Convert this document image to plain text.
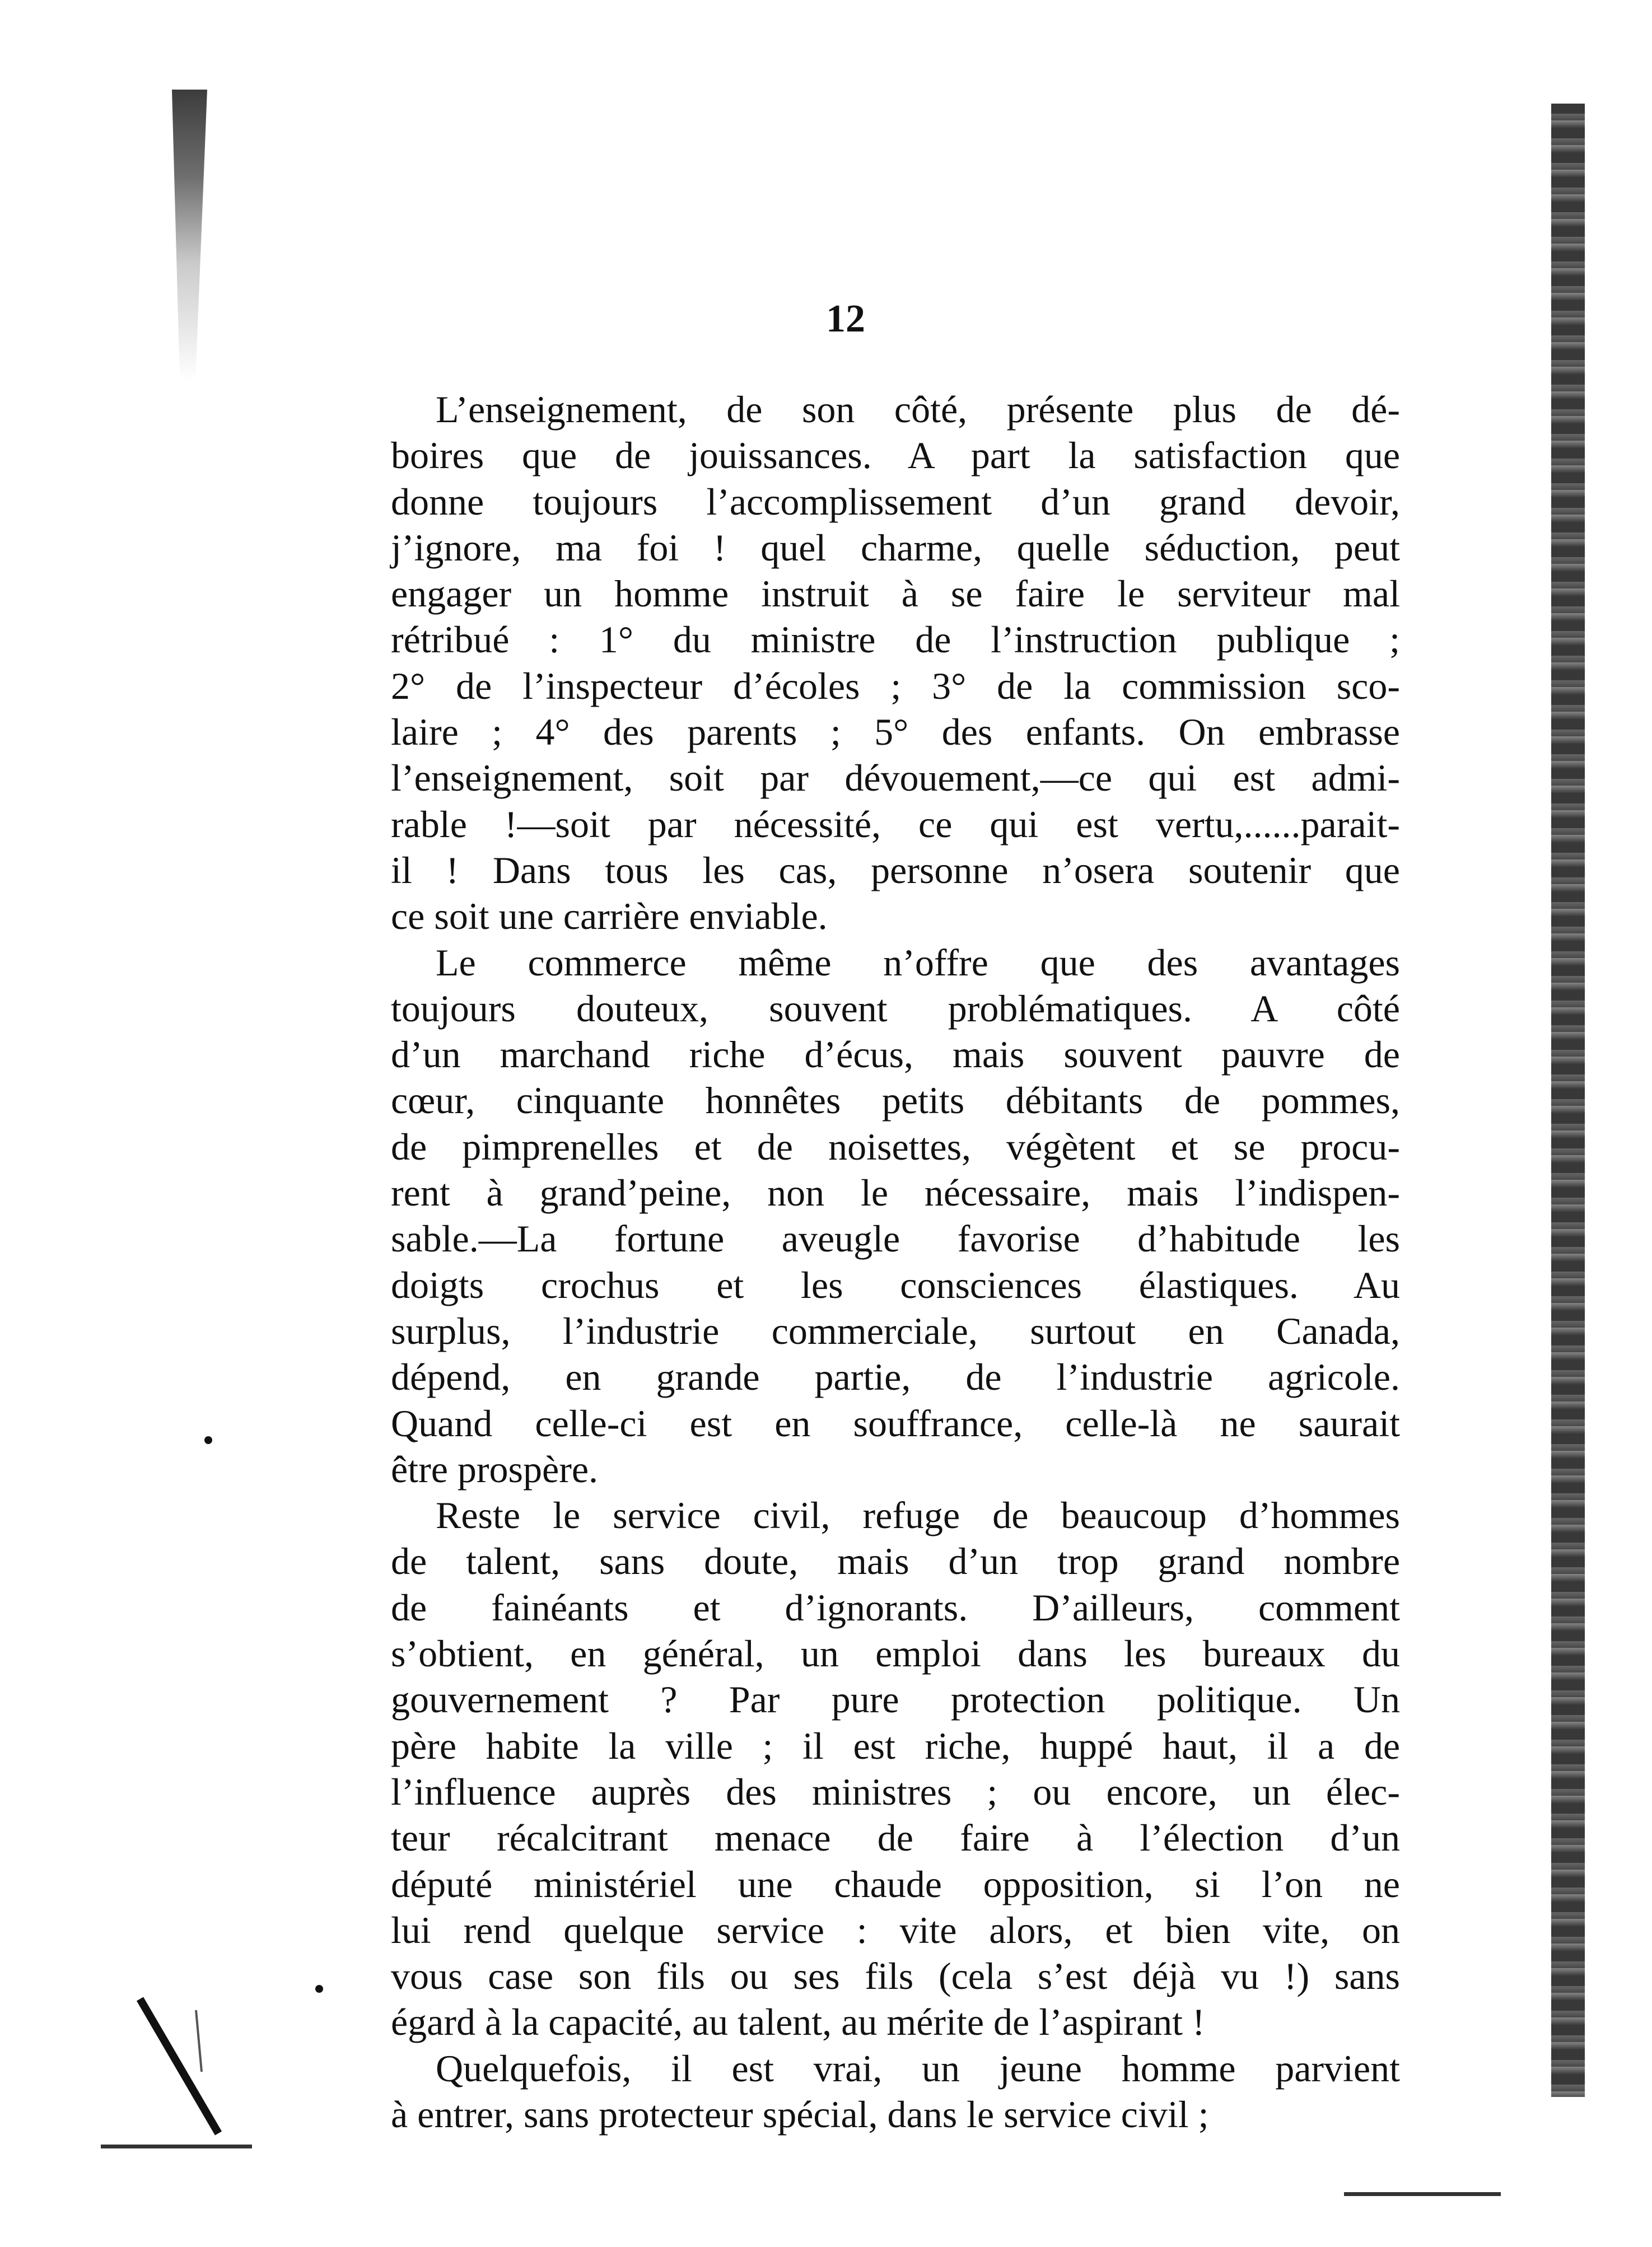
12

L’enseignement, de son côté, présente plus de dé-
boires que de jouissances. A part la satisfaction que
donne toujours l’accomplissement d’un grand devoir,
j’ignore, ma foi ! quel charme, quelle séduction, peut
engager un homme instruit à se faire le serviteur mal
rétribué : 1° du ministre de l’instruction publique ;
2° de l’inspecteur d’écoles ; 3° de la commission sco-
laire ; 4° des parents ; 5° des enfants. On embrasse
l’enseignement, soit par dévouement,—ce qui est admi-
rable !—soit par nécessité, ce qui est vertu,......parait-
il ! Dans tous les cas, personne n’osera soutenir que
ce soit une carrière enviable.

Le commerce même n’offre que des avantages
toujours douteux, souvent problématiques. A côté
d’un marchand riche d’écus, mais souvent pauvre de
cœur, cinquante honnêtes petits débitants de pommes,
de pimprenelles et de noisettes, végètent et se procu-
rent à grand’peine, non le nécessaire, mais l’indispen-
sable.—La fortune aveugle favorise d’habitude les
doigts crochus et les consciences élastiques. Au
surplus, l’industrie commerciale, surtout en Canada,
dépend, en grande partie, de l’industrie agricole.
Quand celle-ci est en souffrance, celle-là ne saurait
être prospère.

Reste le service civil, refuge de beaucoup d’hommes
de talent, sans doute, mais d’un trop grand nombre
de fainéants et d’ignorants. D’ailleurs, comment
s’obtient, en général, un emploi dans les bureaux du
gouvernement ? Par pure protection politique. Un
père habite la ville ; il est riche, huppé haut, il a de
l’influence auprès des ministres ; ou encore, un élec-
teur récalcitrant menace de faire à l’élection d’un
député ministériel une chaude opposition, si l’on ne
lui rend quelque service : vite alors, et bien vite, on
vous case son fils ou ses fils (cela s’est déjà vu !) sans
égard à la capacité, au talent, au mérite de l’aspirant !

Quelquefois, il est vrai, un jeune homme parvient
à entrer, sans protecteur spécial, dans le service civil ;
